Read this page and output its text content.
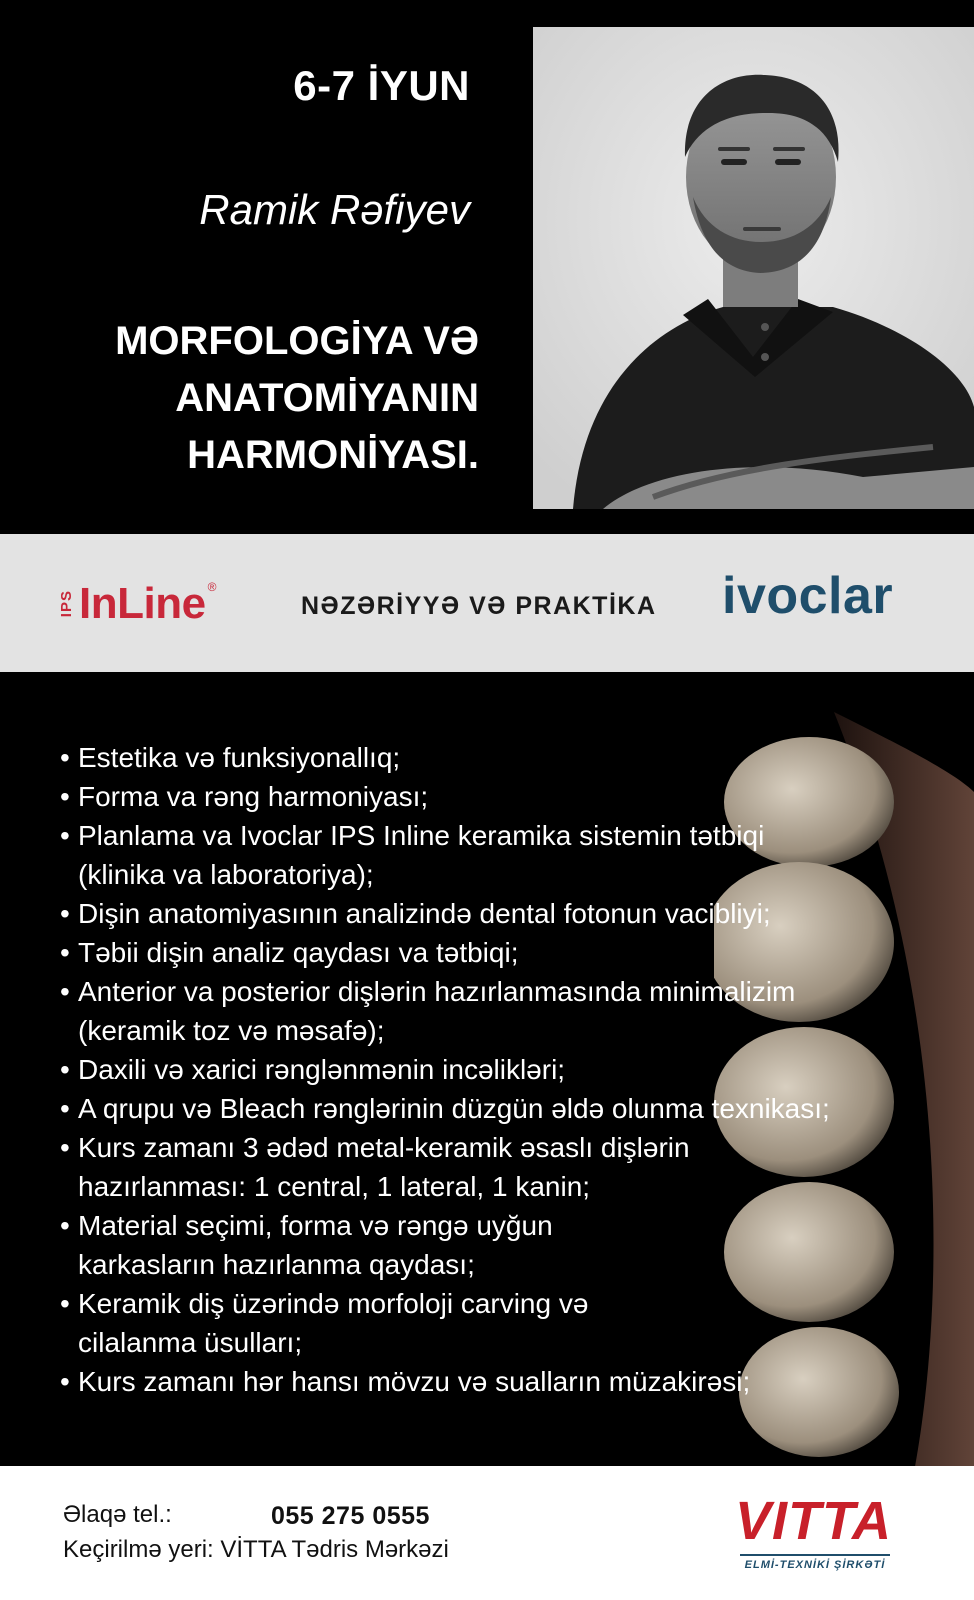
6-7 İYUN
Ramik Rəfiyev
MORFOLOGİYA VƏ
ANATOMİYANIN
HARMONİYASI.
IPS InLine ®
NƏZƏRİYYƏ VƏ PRAKTİKA ivoclar
• Estetika və funksiyonallıq;
• Forma va rəng harmoniyası;
• Planlama va Ivoclar IPS Inline keramika sistemin tətbiqi
(klinika va laboratoriya);
• Dişin anatomiyasının analizində dental fotonun vacibliyi;
• Təbii dişin analiz qaydası va tətbiqi;
• Anterior va posterior dişlərin hazırlanmasında minimalizim
(keramik toz və məsafə);
• Daxili və xarici rənglənmənin incəlikləri;
• A qrupu və Bleach rənglərinin düzgün əldə olunma texnikası;
• Kurs zamanı 3 ədəd metal-keramik əsaslı dişlərin
hazırlanması: 1 central, 1 lateral, 1 kanin;
• Material seçimi, forma və rəngə uyğun
karkasların hazırlanma qaydası;
• Keramik diş üzərində morfoloji carving və
cilalanma üsulları;
• Kurs zamanı hər hansı mövzu və sualların müzakirəsi;
Əlaqə tel.:	055 275 0555
Keçirilmə yeri: VİTTA Tədris Mərkəzi	VITTA
ELMİ-TEXNİKİ ŞİRKƏTİ
